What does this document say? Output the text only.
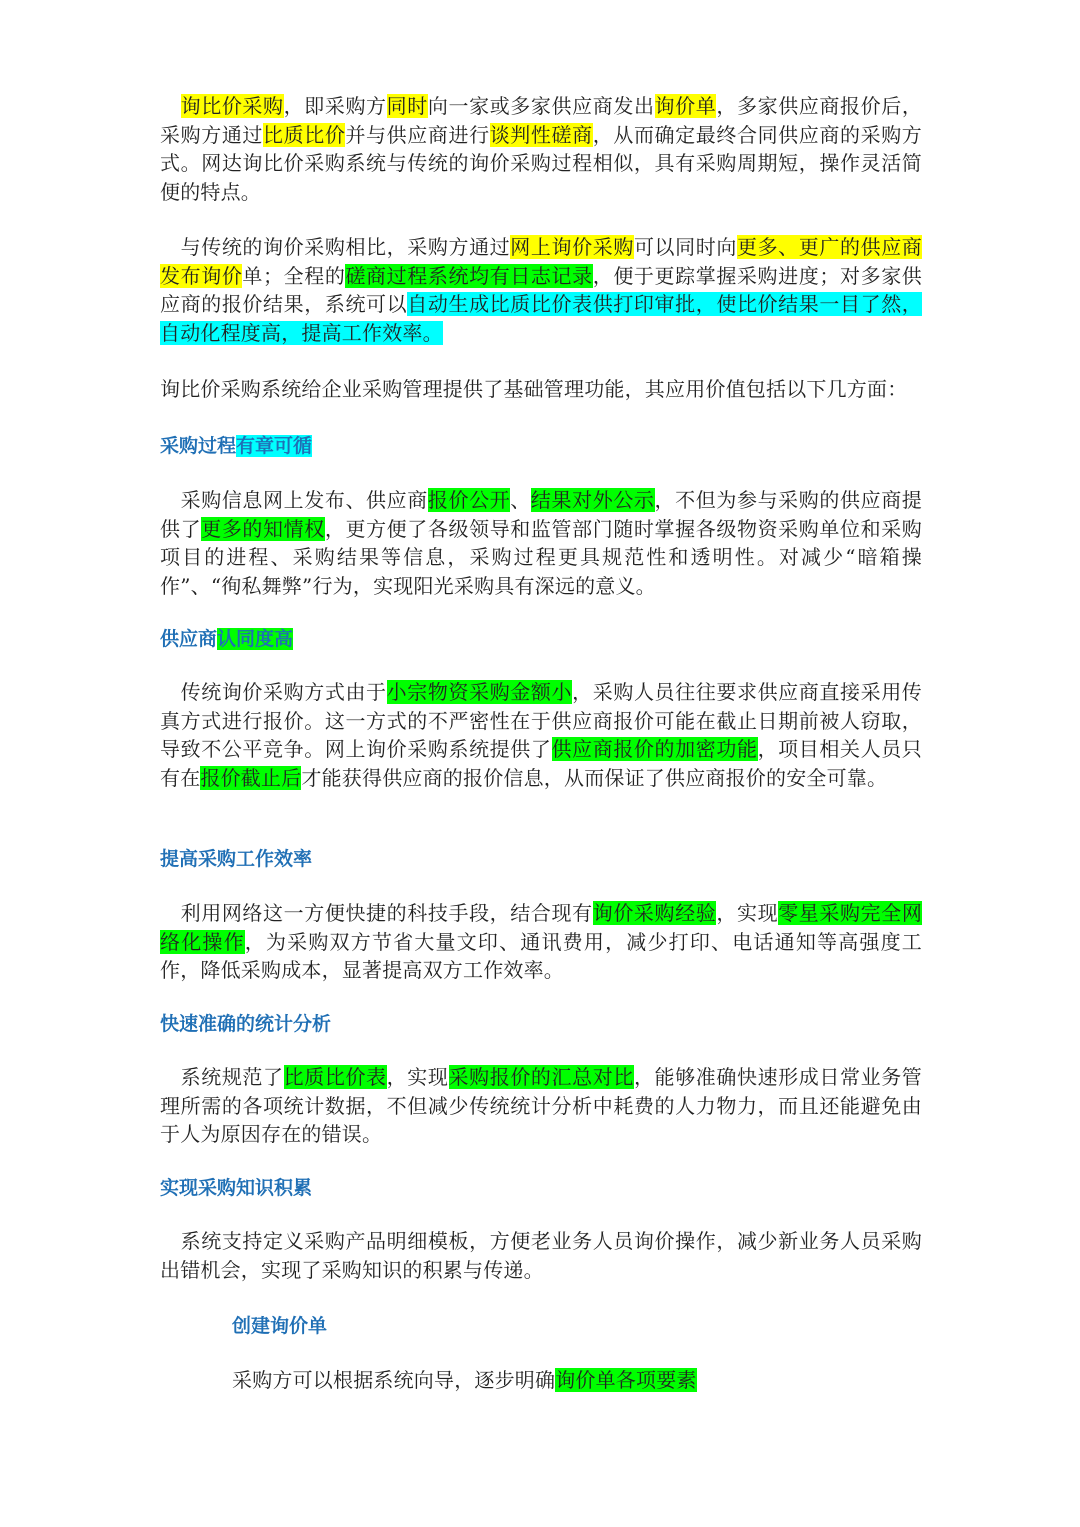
　询比价采购，即采购方同时向一家或多家供应商发出询价单，多家供应商报价后，采购方通过比质比价并与供应商进行谈判性磋商，从而确定最终合同供应商的采购方式。网达询比价采购系统与传统的询价采购过程相似，具有采购周期短，操作灵活简便的特点。

　与传统的询价采购相比，采购方通过网上询价采购可以同时向更多、更广的供应商发布询价单；全程的磋商过程系统均有日志记录，便于更踪掌握采购进度；对多家供应商的报价结果，系统可以自动生成比质比价表供打印审批，使比价结果一目了然，自动化程度高，提高工作效率。

询比价采购系统给企业采购管理提供了基础管理功能，其应用价值包括以下几方面：

采购过程有章可循

　采购信息网上发布、供应商报价公开、结果对外公示，不但为参与采购的供应商提供了更多的知情权，更方便了各级领导和监管部门随时掌握各级物资采购单位和采购项目的进程、采购结果等信息，采购过程更具规范性和透明性。对减少“暗箱操作”、“徇私舞弊”行为，实现阳光采购具有深远的意义。

供应商认同度高

　传统询价采购方式由于小宗物资采购金额小，采购人员往往要求供应商直接采用传真方式进行报价。这一方式的不严密性在于供应商报价可能在截止日期前被人窃取，导致不公平竞争。网上询价采购系统提供了供应商报价的加密功能，项目相关人员只有在报价截止后才能获得供应商的报价信息，从而保证了供应商报价的安全可靠。

提高采购工作效率

　利用网络这一方便快捷的科技手段，结合现有询价采购经验，实现零星采购完全网络化操作，为采购双方节省大量文印、通讯费用，减少打印、电话通知等高强度工作，降低采购成本，显著提高双方工作效率。

快速准确的统计分析

　系统规范了比质比价表，实现采购报价的汇总对比，能够准确快速形成日常业务管理所需的各项统计数据，不但减少传统统计分析中耗费的人力物力，而且还能避免由于人为原因存在的错误。

实现采购知识积累

　系统支持定义采购产品明细模板，方便老业务人员询价操作，减少新业务人员采购出错机会，实现了采购知识的积累与传递。

创建询价单

采购方可以根据系统向导，逐步明确询价单各项要素
